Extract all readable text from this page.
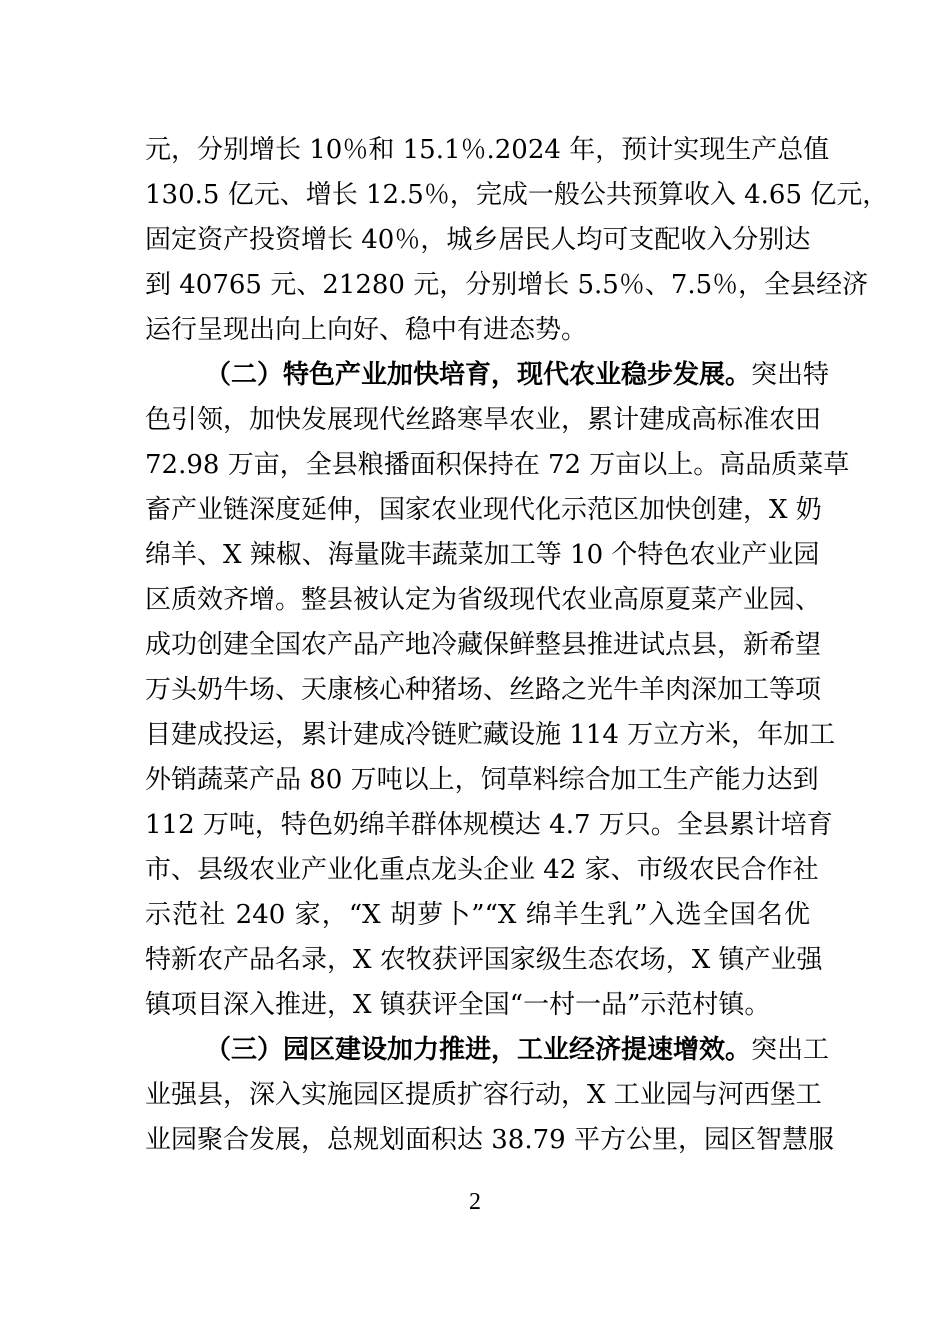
元，分别增长 10％和 15.1％.2024 年，预计实现生产总值
130.5 亿元、增长 12.5％，完成一般公共预算收入 4.65 亿元，
固定资产投资增长 40％，城乡居民人均可支配收入分别达
到 40765 元、21280 元，分别增长 5.5％、7.5％，全县经济
运行呈现出向上向好、稳中有进态势。
（二）特色产业加快培育，现代农业稳步发展。突出特
色引领，加快发展现代丝路寒旱农业，累计建成高标准农田
72.98 万亩，全县粮播面积保持在 72 万亩以上。高品质菜草
畜产业链深度延伸，国家农业现代化示范区加快创建，X 奶
绵羊、X 辣椒、海量陇丰蔬菜加工等 10 个特色农业产业园
区质效齐增。整县被认定为省级现代农业高原夏菜产业园、
成功创建全国农产品产地冷藏保鲜整县推进试点县，新希望
万头奶牛场、天康核心种猪场、丝路之光牛羊肉深加工等项
目建成投运，累计建成冷链贮藏设施 114 万立方米，年加工
外销蔬菜产品 80 万吨以上，饲草料综合加工生产能力达到
112 万吨，特色奶绵羊群体规模达 4.7 万只。全县累计培育
市、县级农业产业化重点龙头企业 42 家、市级农民合作社
示范社 240 家，“X 胡萝卜”“X 绵羊生乳”入选全国名优
特新农产品名录，X 农牧获评国家级生态农场，X 镇产业强
镇项目深入推进，X 镇获评全国“一村一品”示范村镇。
（三）园区建设加力推进，工业经济提速增效。突出工
业强县，深入实施园区提质扩容行动，X 工业园与河西堡工
业园聚合发展，总规划面积达 38.79 平方公里，园区智慧服
2
